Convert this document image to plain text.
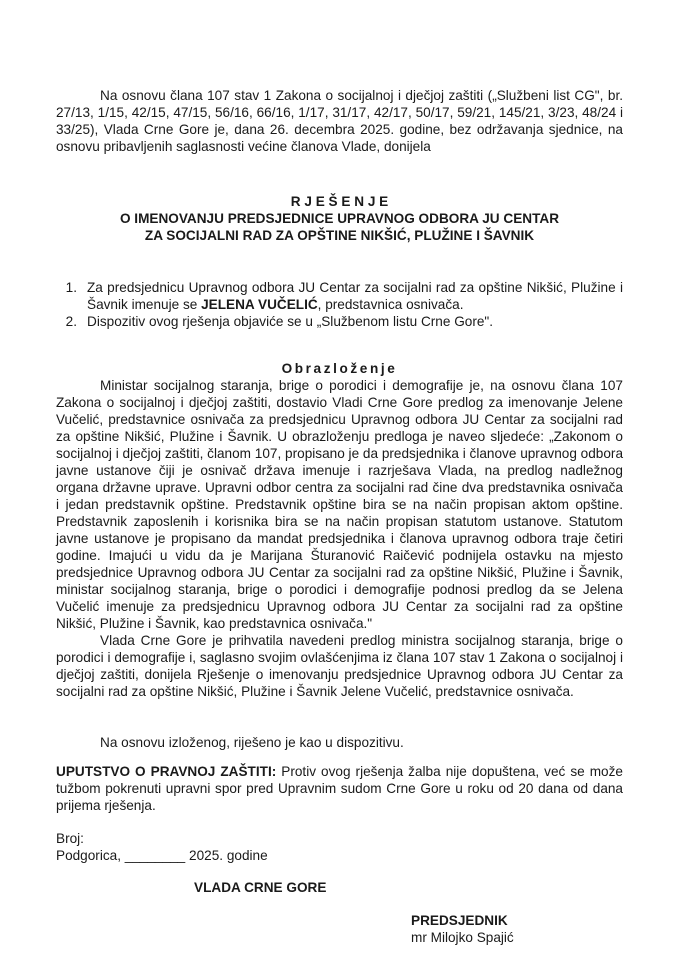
Na osnovu člana 107 stav 1 Zakona o socijalnoj i dječjoj zaštiti („Službeni list CG", br. 27/13, 1/15, 42/15, 47/15, 56/16, 66/16, 1/17, 31/17, 42/17, 50/17, 59/21, 145/21, 3/23, 48/24 i 33/25), Vlada Crne Gore je, dana 26. decembra 2025. godine, bez održavanja sjednice, na osnovu pribavljenih saglasnosti većine članova Vlade, donijela

R J E Š E N J E

O IMENOVANJU PREDSJEDNICE UPRAVNOG ODBORA JU CENTAR

ZA SOCIJALNI RAD ZA OPŠTINE NIKŠIĆ, PLUŽINE I ŠAVNIK

1. Za predsjednicu Upravnog odbora JU Centar za socijalni rad za opštine Nikšić, Plužine i Šavnik imenuje se JELENA VUČELIĆ, predstavnica osnivača.
2. Dispozitiv ovog rješenja objaviće se u „Službenom listu Crne Gore".

Obrazloženje

Ministar socijalnog staranja, brige o porodici i demografije je, na osnovu člana 107 Zakona o socijalnoj i dječjoj zaštiti, dostavio Vladi Crne Gore predlog za imenovanje Jelene Vučelić, predstavnice osnivača za predsjednicu Upravnog odbora JU Centar za socijalni rad za opštine Nikšić, Plužine i Šavnik. U obrazloženju predloga je naveo sljedeće: „Zakonom o socijalnoj i dječjoj zaštiti, članom 107, propisano je da predsjednika i članove upravnog odbora javne ustanove čiji je osnivač država imenuje i razrješava Vlada, na predlog nadležnog organa državne uprave. Upravni odbor centra za socijalni rad čine dva predstavnika osnivača i jedan predstavnik opštine. Predstavnik opštine bira se na način propisan aktom opštine. Predstavnik zaposlenih i korisnika bira se na način propisan statutom ustanove. Statutom javne ustanove je propisano da mandat predsjednika i članova upravnog odbora traje četiri godine. Imajući u vidu da je Marijana Šturanović Raičević podnijela ostavku na mjesto predsjednice Upravnog odbora JU Centar za socijalni rad za opštine Nikšić, Plužine i Šavnik, ministar socijalnog staranja, brige o porodici i demografije podnosi predlog da se Jelena Vučelić imenuje za predsjednicu Upravnog odbora JU Centar za socijalni rad za opštine Nikšić, Plužine i Šavnik, kao predstavnica osnivača."

Vlada Crne Gore je prihvatila navedeni predlog ministra socijalnog staranja, brige o porodici i demografije i, saglasno svojim ovlašćenjima iz člana 107 stav 1 Zakona o socijalnoj i dječjoj zaštiti, donijela Rješenje o imenovanju predsjednice Upravnog odbora JU Centar za socijalni rad za opštine Nikšić, Plužine i Šavnik Jelene Vučelić, predstavnice osnivača.

Na osnovu izloženog, riješeno je kao u dispozitivu.

UPUTSTVO O PRAVNOJ ZAŠTITI: Protiv ovog rješenja žalba nije dopuštena, već se može tužbom pokrenuti upravni spor pred Upravnim sudom Crne Gore u roku od 20 dana od dana prijema rješenja.

Broj:

Podgorica, ________ 2025. godine

VLADA CRNE GORE

PREDSJEDNIK

mr Milojko Spajić
